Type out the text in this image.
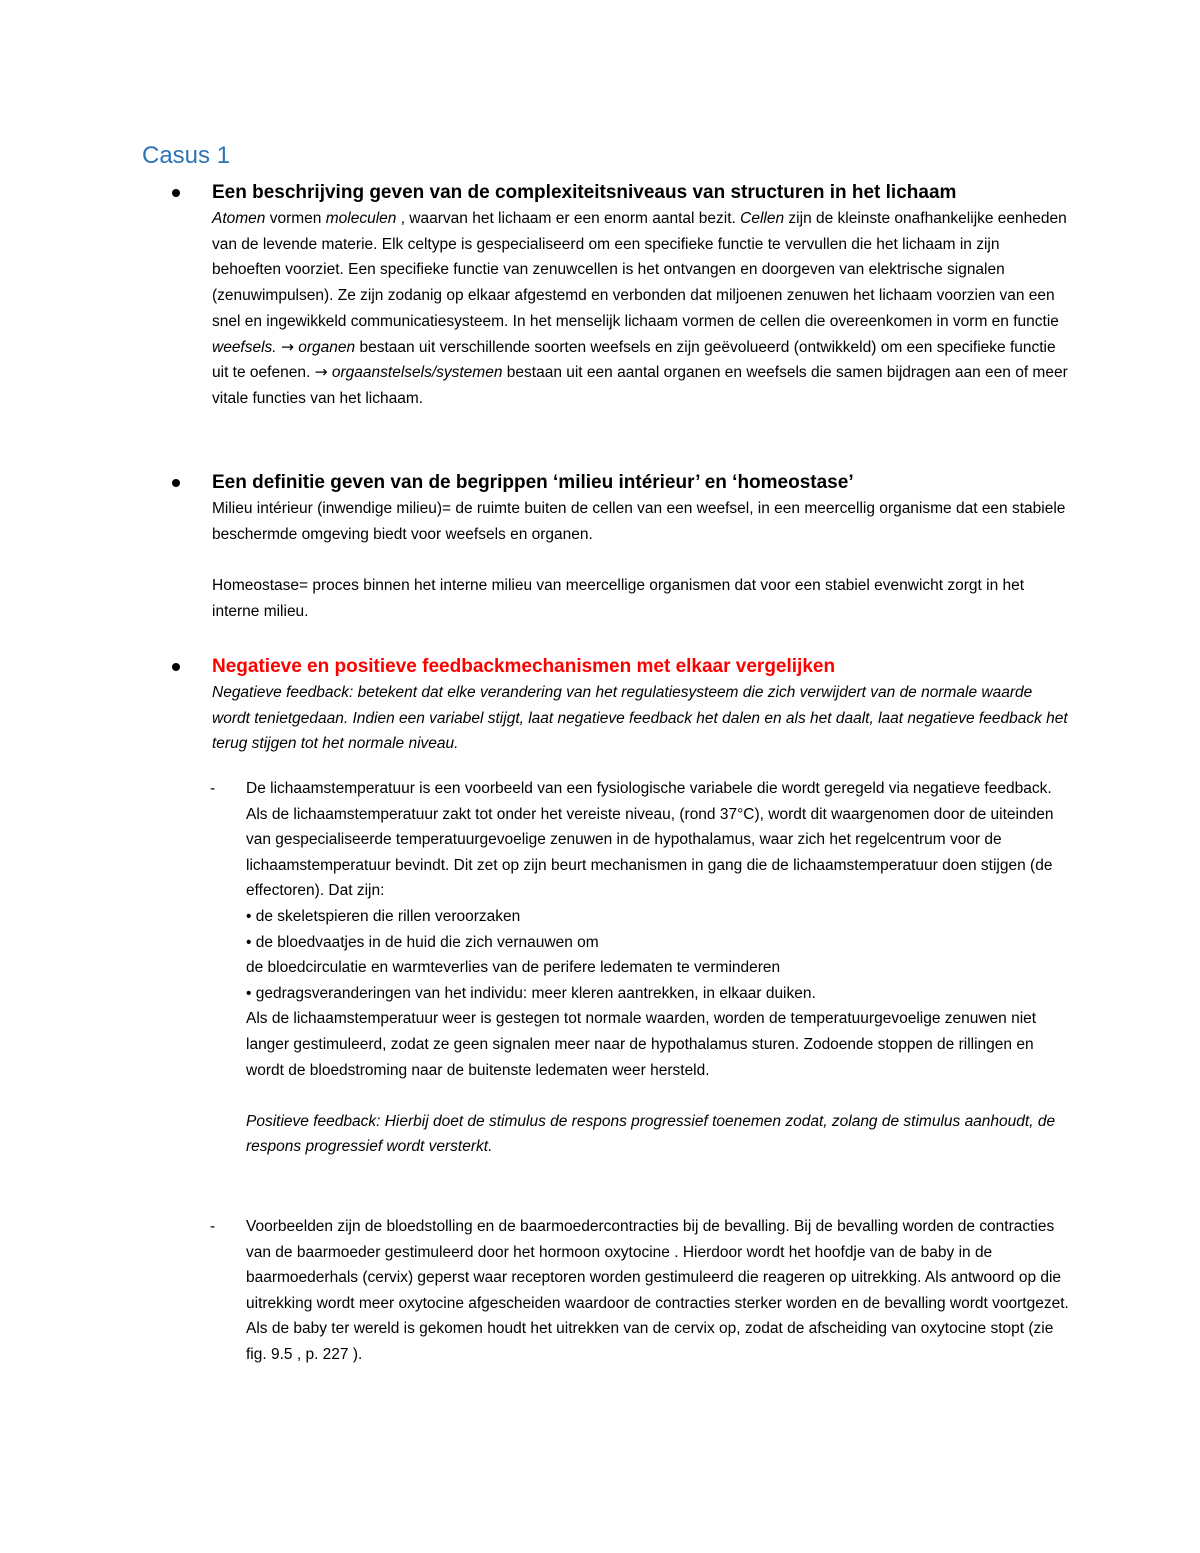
Casus 1
Een beschrijving geven van de complexiteitsniveaus van structuren in het lichaam

Atomen vormen moleculen , waarvan het lichaam er een enorm aantal bezit. Cellen zijn de kleinste onafhankelijke eenheden van de levende materie. Elk celtype is gespecialiseerd om een specifieke functie te vervullen die het lichaam in zijn behoeften voorziet. Een specifieke functie van zenuwcellen is het ontvangen en doorgeven van elektrische signalen (zenuwimpulsen). Ze zijn zodanig op elkaar afgestemd en verbonden dat miljoenen zenuwen het lichaam voorzien van een snel en ingewikkeld communicatiesysteem. In het menselijk lichaam vormen de cellen die overeenkomen in vorm en functie weefsels. → organen bestaan uit verschillende soorten weefsels en zijn geëvolueerd (ontwikkeld) om een specifieke functie uit te oefenen. → orgaanstelsels/systemen bestaan uit een aantal organen en weefsels die samen bijdragen aan een of meer vitale functies van het lichaam.

Een definitie geven van de begrippen ‘milieu intérieur’ en ‘homeostase’

Milieu intérieur (inwendige milieu)= de ruimte buiten de cellen van een weefsel, in een meercellig organisme dat een stabiele beschermde omgeving biedt voor weefsels en organen.

Homeostase= proces binnen het interne milieu van meercellige organismen dat voor een stabiel evenwicht zorgt in het interne milieu.

Negatieve en positieve feedbackmechanismen met elkaar vergelijken

Negatieve feedback: betekent dat elke verandering van het regulatiesysteem die zich verwijdert van de normale waarde wordt tenietgedaan. Indien een variabel stijgt, laat negatieve feedback het dalen en als het daalt, laat negatieve feedback het terug stijgen tot het normale niveau.

- De lichaamstemperatuur is een voorbeeld van een fysiologische variabele die wordt geregeld via negatieve feedback. Als de lichaamstemperatuur zakt tot onder het vereiste niveau, (rond 37°C), wordt dit waargenomen door de uiteinden van gespecialiseerde temperatuurgevoelige zenuwen in de hypothalamus, waar zich het regelcentrum voor de lichaamstemperatuur bevindt. Dit zet op zijn beurt mechanismen in gang die de lichaamstemperatuur doen stijgen (de effectoren). Dat zijn:

• de skeletspieren die rillen veroorzaken

• de bloedvaatjes in de huid die zich vernauwen om

de bloedcirculatie en warmteverlies van de perifere ledematen te verminderen

• gedragsveranderingen van het individu: meer kleren aantrekken, in elkaar duiken.

Als de lichaamstemperatuur weer is gestegen tot normale waarden, worden de temperatuurgevoelige zenuwen niet langer gestimuleerd, zodat ze geen signalen meer naar de hypothalamus sturen. Zodoende stoppen de rillingen en wordt de bloedstroming naar de buitenste ledematen weer hersteld.

Positieve feedback: Hierbij doet de stimulus de respons progressief toenemen zodat, zolang de stimulus aanhoudt, de respons progressief wordt versterkt.

- Voorbeelden zijn de bloedstolling en de baarmoedercontracties bij de bevalling. Bij de bevalling worden de contracties van de baarmoeder gestimuleerd door het hormoon oxytocine . Hierdoor wordt het hoofdje van de baby in de baarmoederhals (cervix) geperst waar receptoren worden gestimuleerd die reageren op uitrekking. Als antwoord op die uitrekking wordt meer oxytocine afgescheiden waardoor de contracties sterker worden en de bevalling wordt voortgezet. Als de baby ter wereld is gekomen houdt het uitrekken van de cervix op, zodat de afscheiding van oxytocine stopt (zie fig. 9.5 , p. 227 ).
